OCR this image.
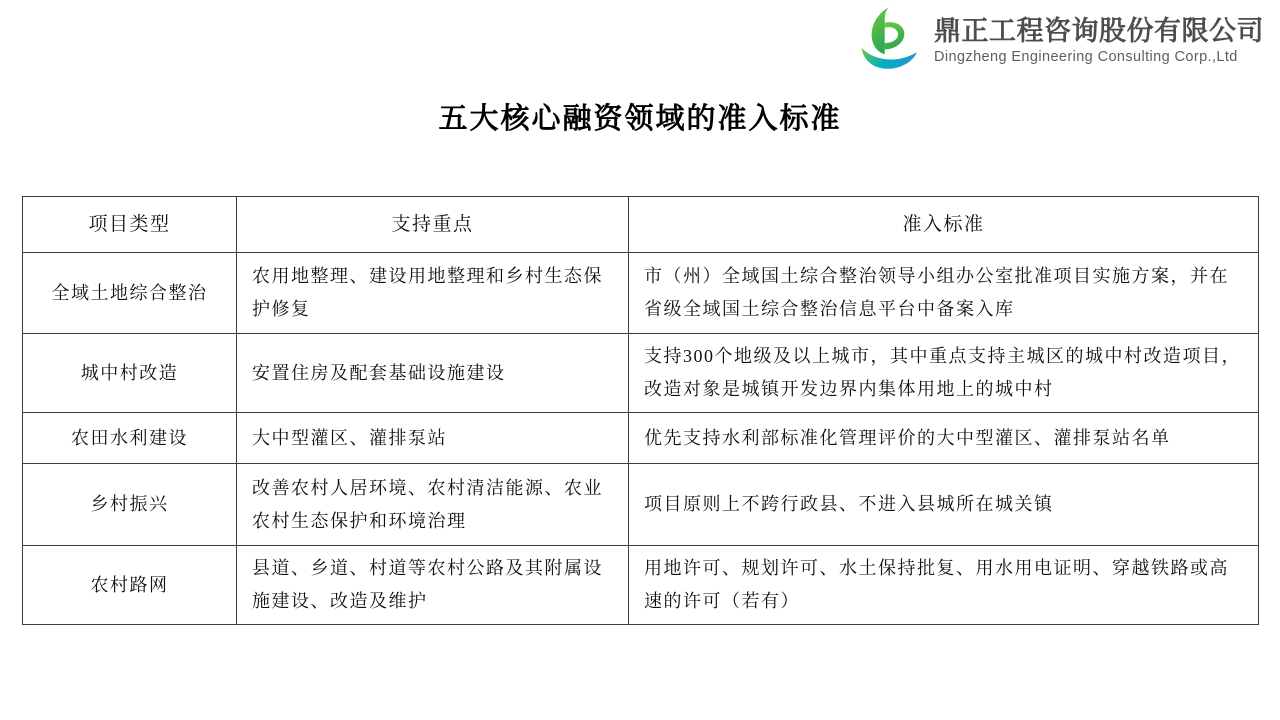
鼎正工程咨询股份有限公司
Dingzheng Engineering Consulting Corp.,Ltd
五大核心融资领域的准入标准
项目类型	支持重点	准入标准
全域土地综合整治	农用地整理、建设用地整理和乡村生态保护修复	市（州）全域国土综合整治领导小组办公室批准项目实施方案，并在省级全域国土综合整治信息平台中备案入库
城中村改造	安置住房及配套基础设施建设	支持300个地级及以上城市，其中重点支持主城区的城中村改造项目，改造对象是城镇开发边界内集体用地上的城中村
农田水利建设	大中型灌区、灌排泵站	优先支持水利部标准化管理评价的大中型灌区、灌排泵站名单
乡村振兴	改善农村人居环境、农村清洁能源、农业农村生态保护和环境治理	项目原则上不跨行政县、不进入县城所在城关镇
农村路网	县道、乡道、村道等农村公路及其附属设施建设、改造及维护	用地许可、规划许可、水土保持批复、用水用电证明、穿越铁路或高速的许可（若有）
